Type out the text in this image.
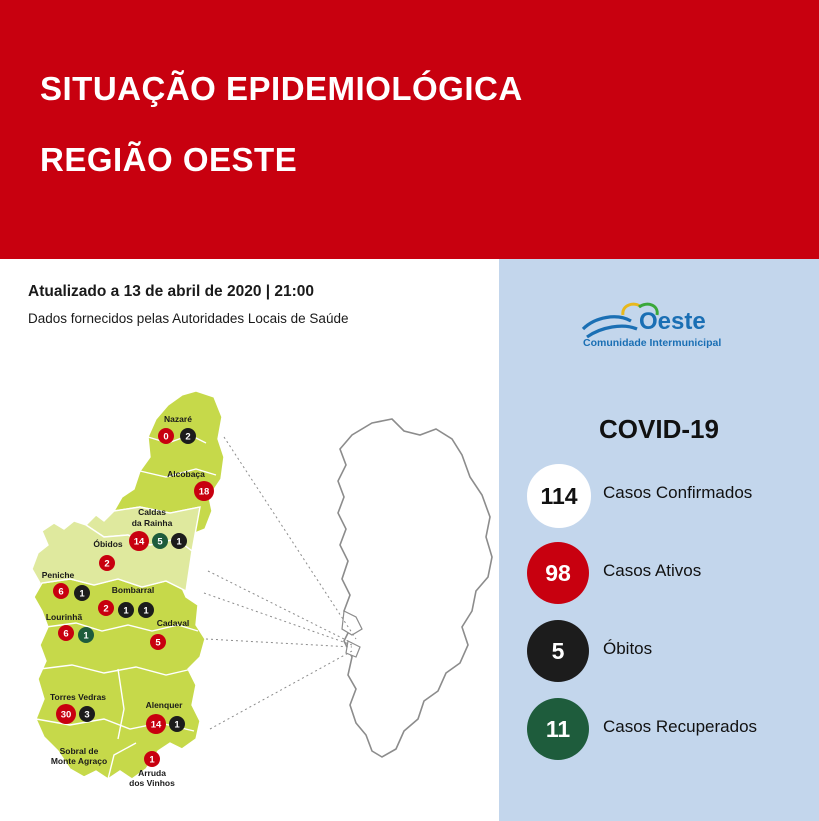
SITUAÇÃO EPIDEMIOLÓGICA
REGIÃO OESTE
Atualizado a 13 de abril de 2020 | 21:00
Dados fornecidos pelas Autoridades Locais de Saúde
Nazaré
0 2
Alcobaça
18
Caldas
da Rainha
14 5 1
Óbidos
2
Peniche
6 1	Bombarral
2 1 1
Lourinhã
6 1
Cadaval
5
Torres Vedras
30 3
Alenquer
14 1
Sobral de
Monte Agraço
Arruda
1
dos Vinhos
Oeste
Comunidade Intermunicipal
COVID-19
114	Casos Confirmados
98	Casos Ativos
5	Óbitos
11	Casos Recuperados
